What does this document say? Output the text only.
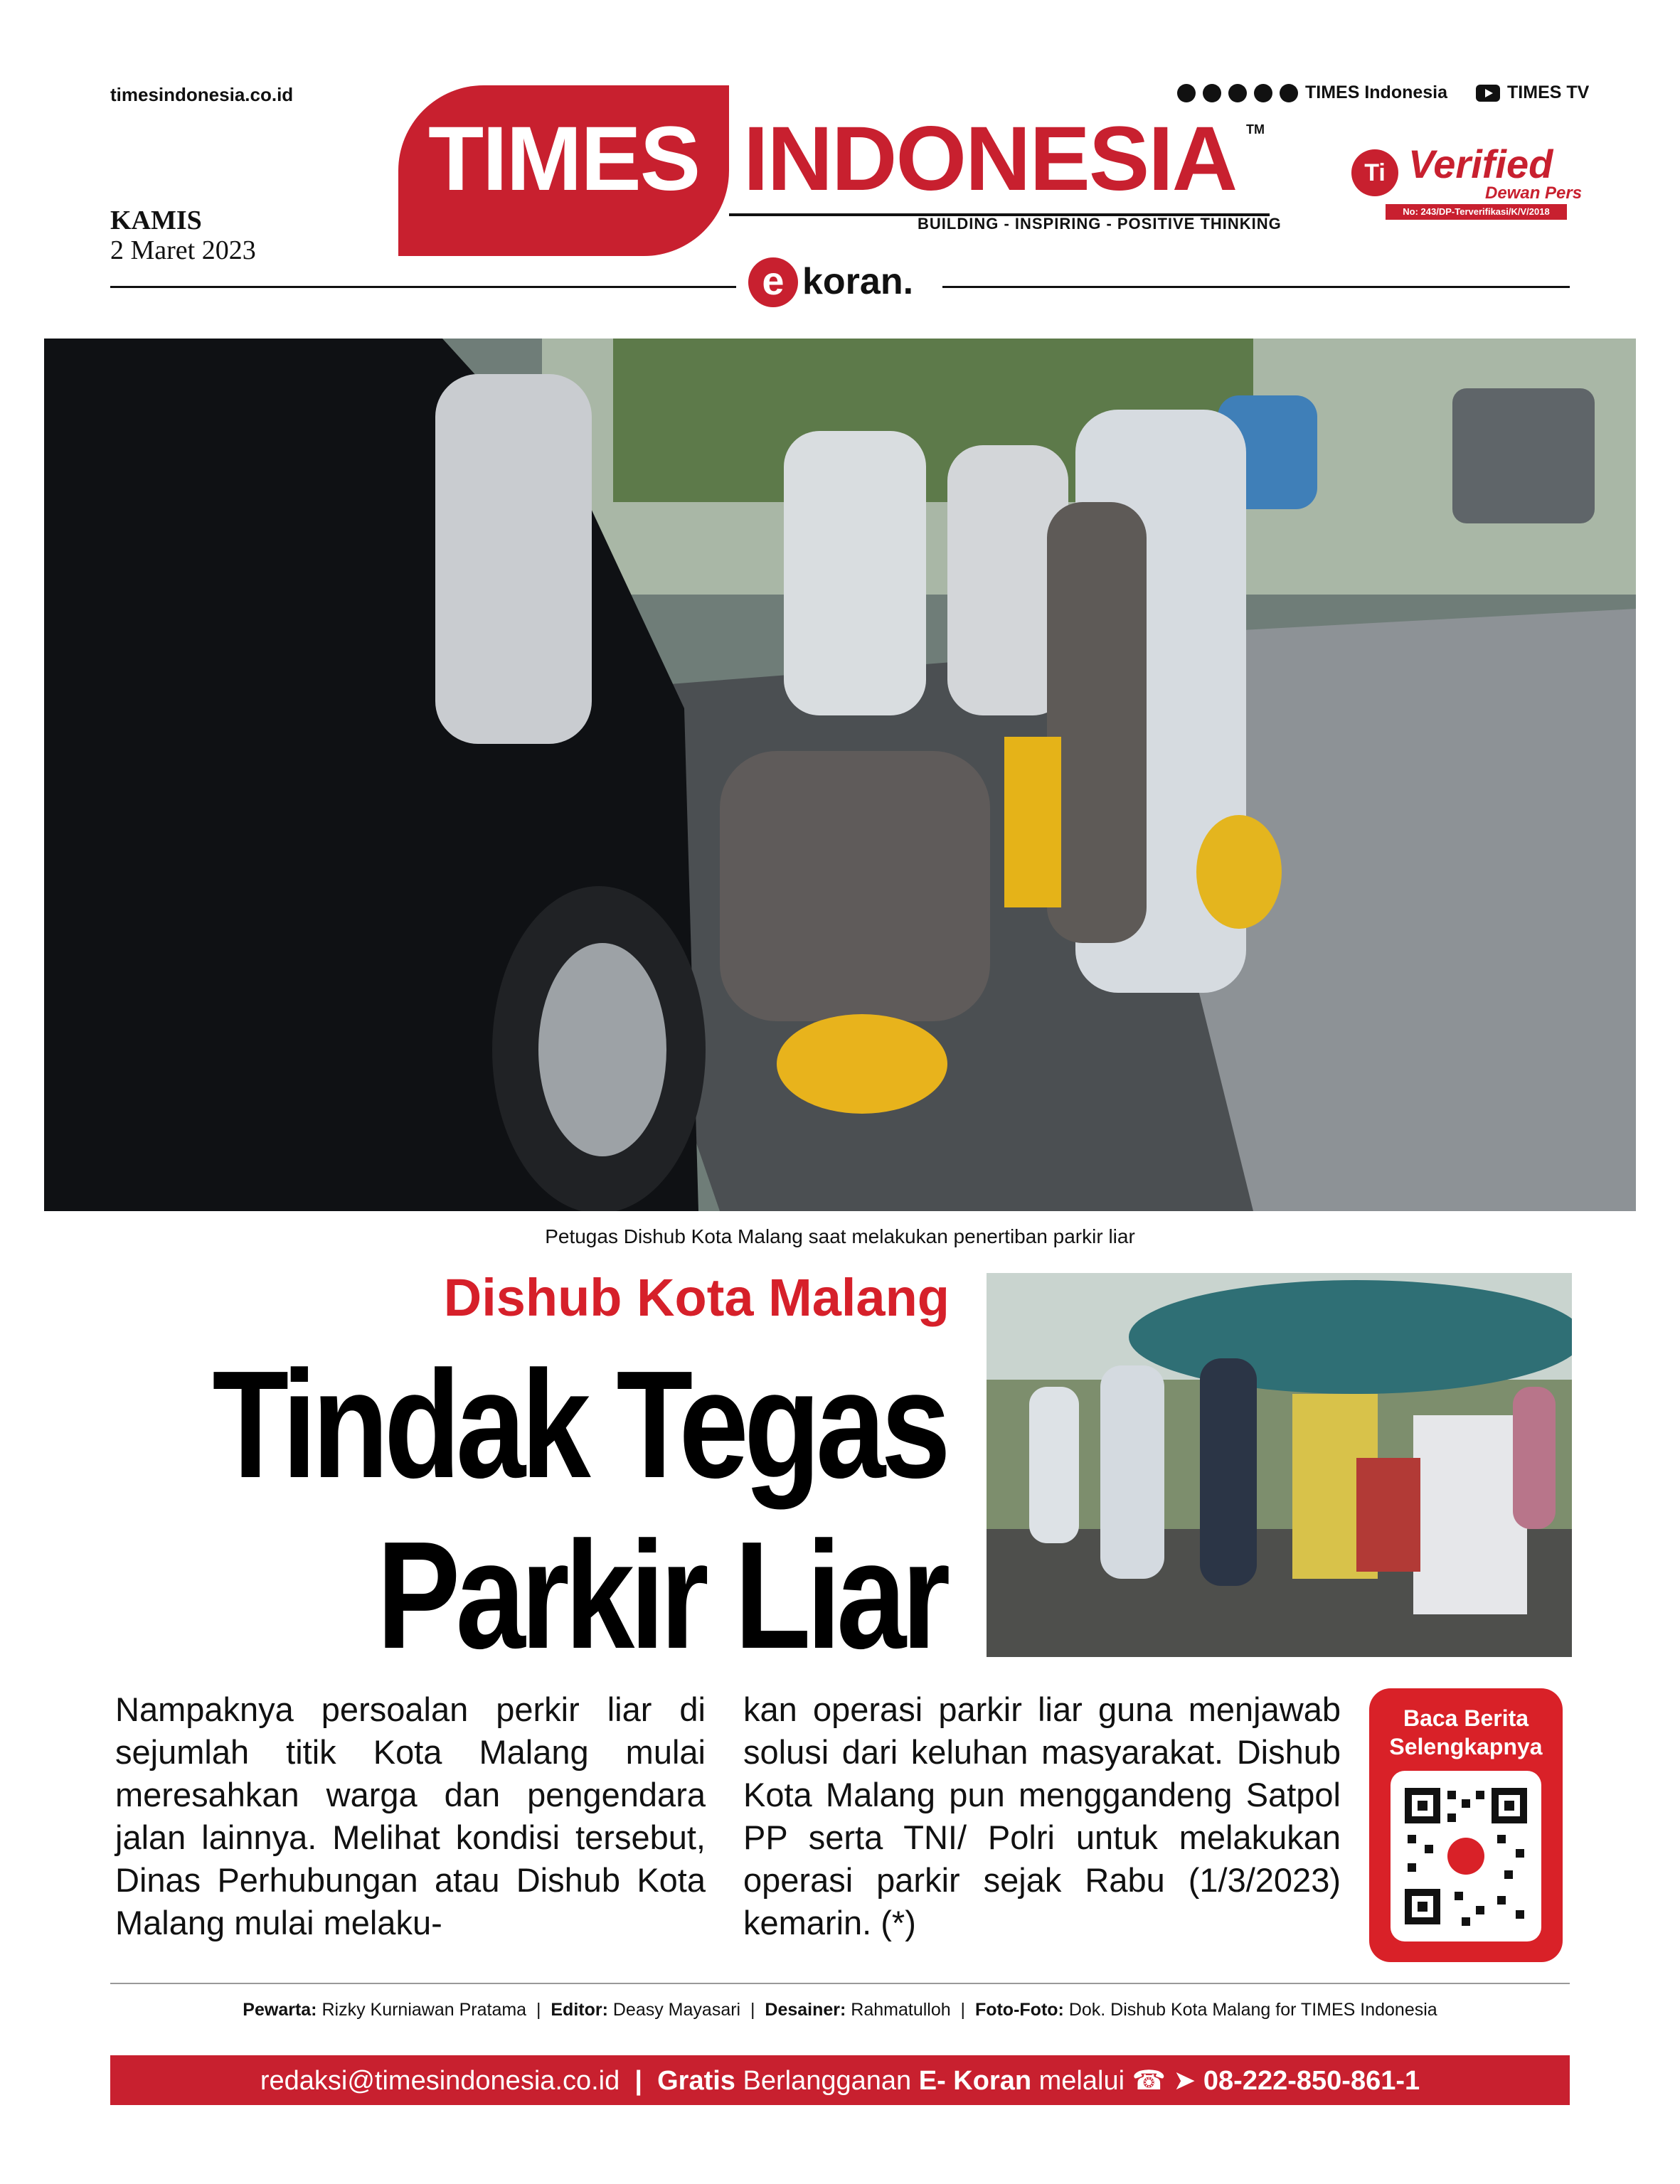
timesindonesia.co.id
KAMIS
2 Maret 2023
TIMES Indonesia	TIMES TV
TIMES INDONESIA TM
BUILDING - INSPIRING - POSITIVE THINKING
Ti Verified
Dewan Pers
No: 243/DP-Terverifikasi/K/V/2018
e koran.
Petugas Dishub Kota Malang saat melakukan penertiban parkir liar
Dishub Kota Malang
Tindak Tegas
Parkir Liar
Nampaknya persoalan perkir liar di sejumlah titik Kota Malang mulai meresahkan warga dan pengendara jalan lainnya. Melihat kondisi tersebut, Dinas Perhubungan atau Dishub Kota Malang mulai melaku-
kan operasi parkir liar guna menjawab solusi dari keluhan masyarakat. Dishub Kota Malang pun menggandeng Satpol PP serta TNI/ Polri untuk melakukan operasi parkir sejak Rabu (1/3/2023) kemarin. (*)
Baca Berita
Selengkapnya
Pewarta: Rizky Kurniawan Pratama  |  Editor: Deasy Mayasari  |  Desainer: Rahmatulloh  |  Foto-Foto: Dok. Dishub Kota Malang for TIMES Indonesia
redaksi@timesindonesia.co.id | Gratis Berlangganan E- Koran melalui ☎ ➤ 08-222-850-861-1
